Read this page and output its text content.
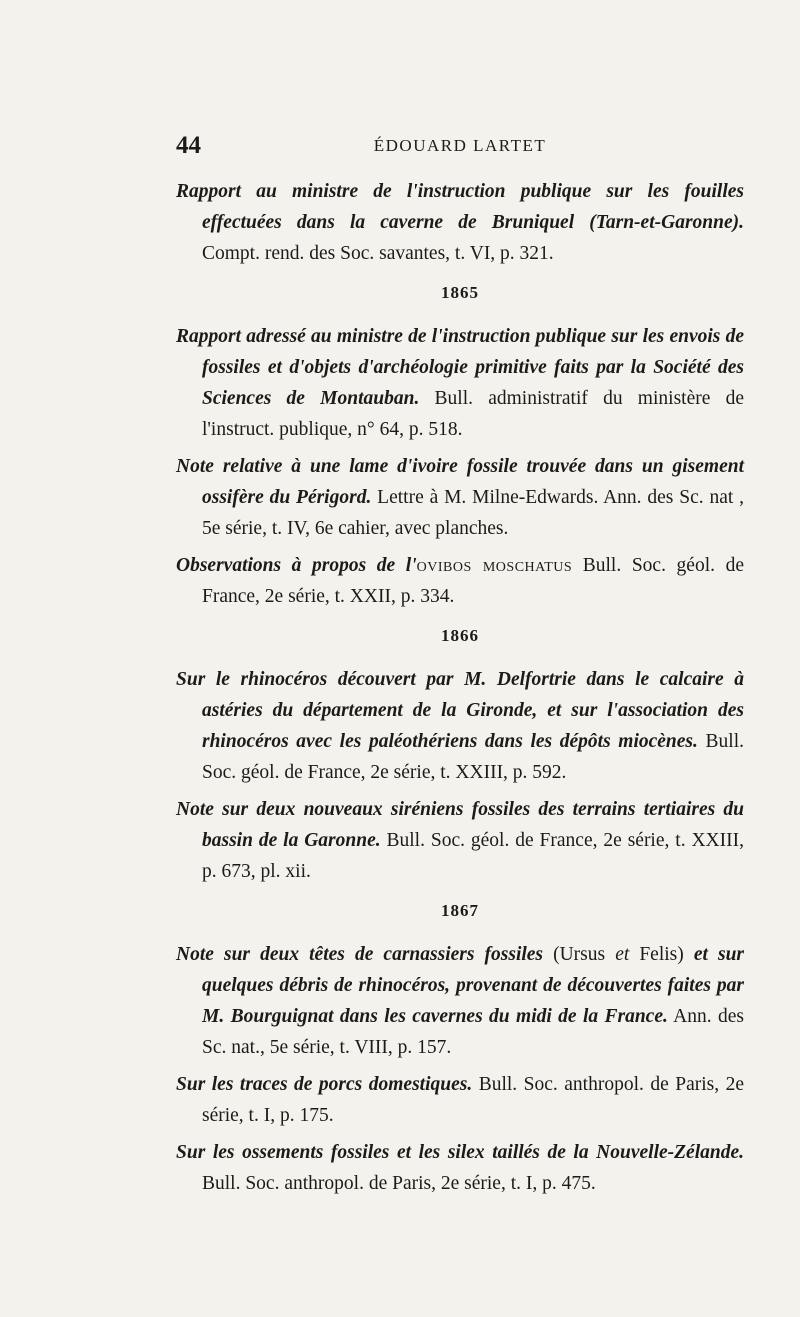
44	ÉDOUARD LARTET

Rapport au ministre de l'instruction publique sur les fouilles effectuées dans la caverne de Bruniquel (Tarn-et-Garonne). Compt. rend. des Soc. savantes, t. VI, p. 321.

1865

Rapport adressé au ministre de l'instruction publique sur les envois de fossiles et d'objets d'archéologie primitive faits par la Société des Sciences de Montauban. Bull. administratif du ministère de l'instruct. publique, n° 64, p. 518.

Note relative à une lame d'ivoire fossile trouvée dans un gisement ossifère du Périgord. Lettre à M. Milne-Edwards. Ann. des Sc. nat , 5e série, t. IV, 6e cahier, avec planches.

Observations à propos de l'ovibos moschatus Bull. Soc. géol. de France, 2e série, t. XXII, p. 334.

1866

Sur le rhinocéros découvert par M. Delfortrie dans le calcaire à astéries du département de la Gironde, et sur l'association des rhinocéros avec les paléothériens dans les dépôts miocènes. Bull. Soc. géol. de France, 2e série, t. XXIII, p. 592.

Note sur deux nouveaux siréniens fossiles des terrains tertiaires du bassin de la Garonne. Bull. Soc. géol. de France, 2e série, t. XXIII, p. 673, pl. xii.

1867

Note sur deux têtes de carnassiers fossiles (Ursus et Felis) et sur quelques débris de rhinocéros, provenant de découvertes faites par M. Bourguignat dans les cavernes du midi de la France. Ann. des Sc. nat., 5e série, t. VIII, p. 157.

Sur les traces de porcs domestiques. Bull. Soc. anthropol. de Paris, 2e série, t. I, p. 175.

Sur les ossements fossiles et les silex taillés de la Nouvelle-Zélande. Bull. Soc. anthropol. de Paris, 2e série, t. I, p. 475.
